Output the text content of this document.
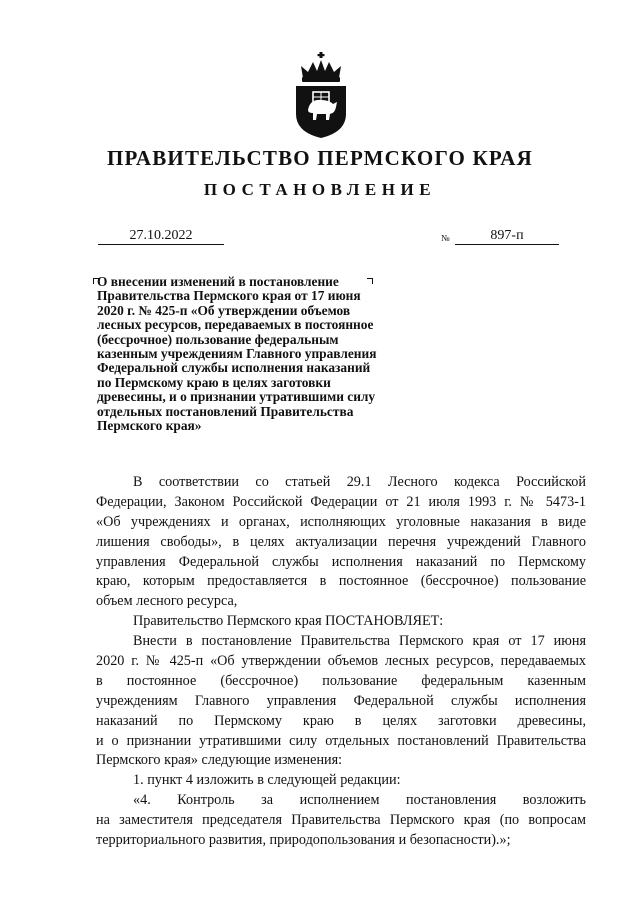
ПРАВИТЕЛЬСТВО ПЕРМСКОГО КРАЯ
ПОСТАНОВЛЕНИЕ
27.10.2022	№	897-п
О внесении изменений в постановление
Правительства Пермского края от 17 июня
2020 г. № 425-п «Об утверждении объемов
лесных ресурсов, передаваемых в постоянное
(бессрочное) пользование федеральным
казенным учреждениям Главного управления
Федеральной службы исполнения наказаний
по Пермскому краю в целях заготовки
древесины, и о признании утратившими силу
отдельных постановлений Правительства
Пермского края»
В соответствии со статьей 29.1 Лесного кодекса Российской
Федерации, Законом Российской Федерации от 21 июля 1993 г. № 5473-1
«Об учреждениях и органах, исполняющих уголовные наказания в виде
лишения свободы», в целях актуализации перечня учреждений Главного
управления Федеральной службы исполнения наказаний по Пермскому
краю, которым предоставляется в постоянное (бессрочное) пользование
объем лесного ресурса,
Правительство Пермского края ПОСТАНОВЛЯЕТ:
Внести в постановление Правительства Пермского края от 17 июня
2020 г. № 425-п «Об утверждении объемов лесных ресурсов, передаваемых
в постоянное (бессрочное) пользование федеральным казенным
учреждениям Главного управления Федеральной службы исполнения
наказаний по Пермскому краю в целях заготовки древесины,
и о признании утратившими силу отдельных постановлений Правительства
Пермского края» следующие изменения:
1. пункт 4 изложить в следующей редакции:
«4. Контроль за исполнением постановления возложить
на заместителя председателя Правительства Пермского края (по вопросам
территориального развития, природопользования и безопасности).»;
